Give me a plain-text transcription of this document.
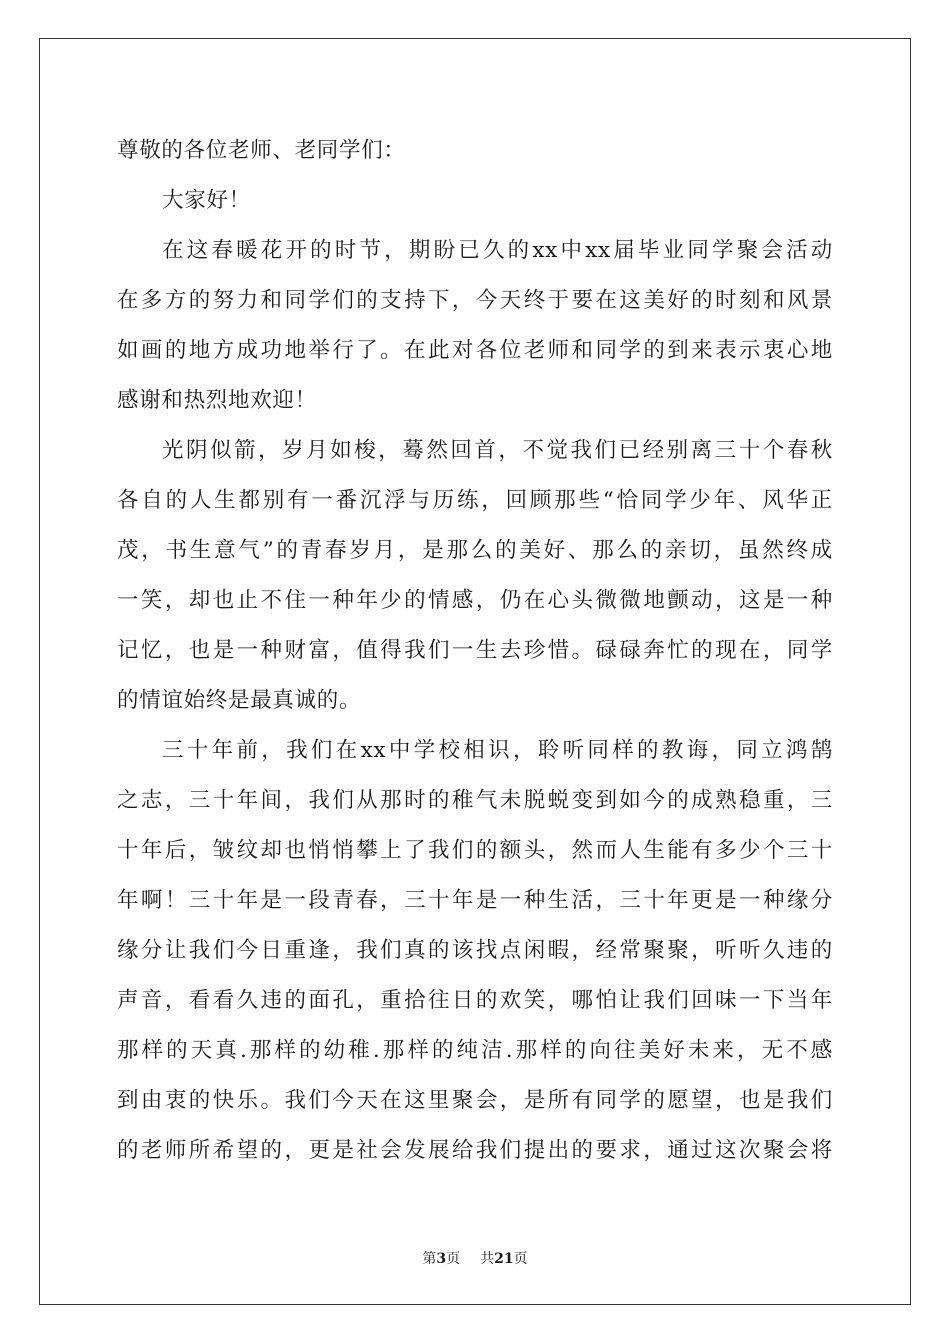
尊敬的各位老师、老同学们：
大家好！
在这春暖花开的时节，期盼已久的xx中xx届毕业同学聚会活动
在多方的努力和同学们的支持下，今天终于要在这美好的时刻和风景
如画的地方成功地举行了。在此对各位老师和同学的到来表示衷心地
感谢和热烈地欢迎！
光阴似箭，岁月如梭，蓦然回首，不觉我们已经别离三十个春秋
各自的人生都别有一番沉浮与历练，回顾那些“恰同学少年、风华正
茂，书生意气”的青春岁月，是那么的美好、那么的亲切，虽然终成
一笑，却也止不住一种年少的情感，仍在心头微微地颤动，这是一种
记忆，也是一种财富，值得我们一生去珍惜。碌碌奔忙的现在，同学
的情谊始终是最真诚的。
三十年前，我们在xx中学校相识，聆听同样的教诲，同立鸿鹄
之志，三十年间，我们从那时的稚气未脱蜕变到如今的成熟稳重，三
十年后，皱纹却也悄悄攀上了我们的额头，然而人生能有多少个三十
年啊！三十年是一段青春，三十年是一种生活，三十年更是一种缘分
缘分让我们今日重逢，我们真的该找点闲暇，经常聚聚，听听久违的
声音，看看久违的面孔，重拾往日的欢笑，哪怕让我们回味一下当年
那样的天真.那样的幼稚.那样的纯洁.那样的向往美好未来，无不感
到由衷的快乐。我们今天在这里聚会，是所有同学的愿望，也是我们
的老师所希望的，更是社会发展给我们提出的要求，通过这次聚会将
第3页 共21页
